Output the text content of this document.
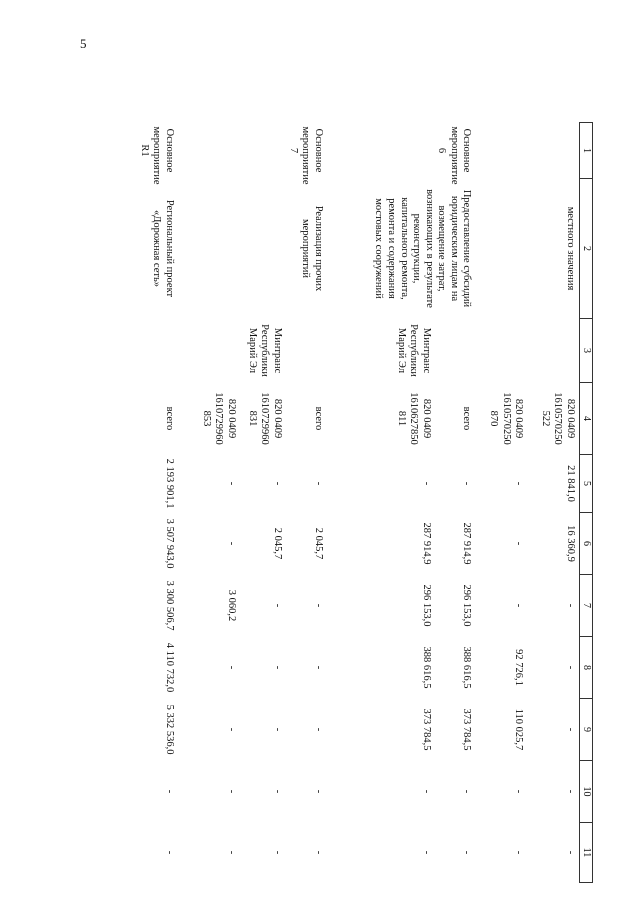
5
1	2	3	4	5	6	7	8	9	10	11
	местного значения		820 0409 1610570250 522	21 841,0	16 360,9	-	-	-	-	-
			820 0409 1610570250 870	-	-	-	92 726,1	110 025,7	-	-
Основное мероприятие 6	Предоставление субсидий юридическим лицам на возмещение затрат, возникающих в результате реконструкции, капитального ремонта, ремонта и содержания мостовых сооружений		всего	-	287 914,9	296 153,0	388 616,5	373 784,5	-	-
		Минтранс Республики Марий Эл	820 0409 1610627850 811	-	287 914,9	296 153,0	388 616,5	373 784,5	-	-
Основное мероприятие 7	Реализация прочих мероприятий		всего	-	2 045,7	-	-	-	-	-
		Минтранс Республики Марий Эл	820 0409 1610729960 831	-	2 045,7	-	-	-	-	-
			820 0409 1610729960 853	-	-	3 060,2	-	-	-	-
Основное мероприятие R1	Региональный проект «Дорожная сеть»		всего	2 193 901,1	3 507 943,0	3 300 506,7	4 110 732,0	5 332 536,0	-	-
